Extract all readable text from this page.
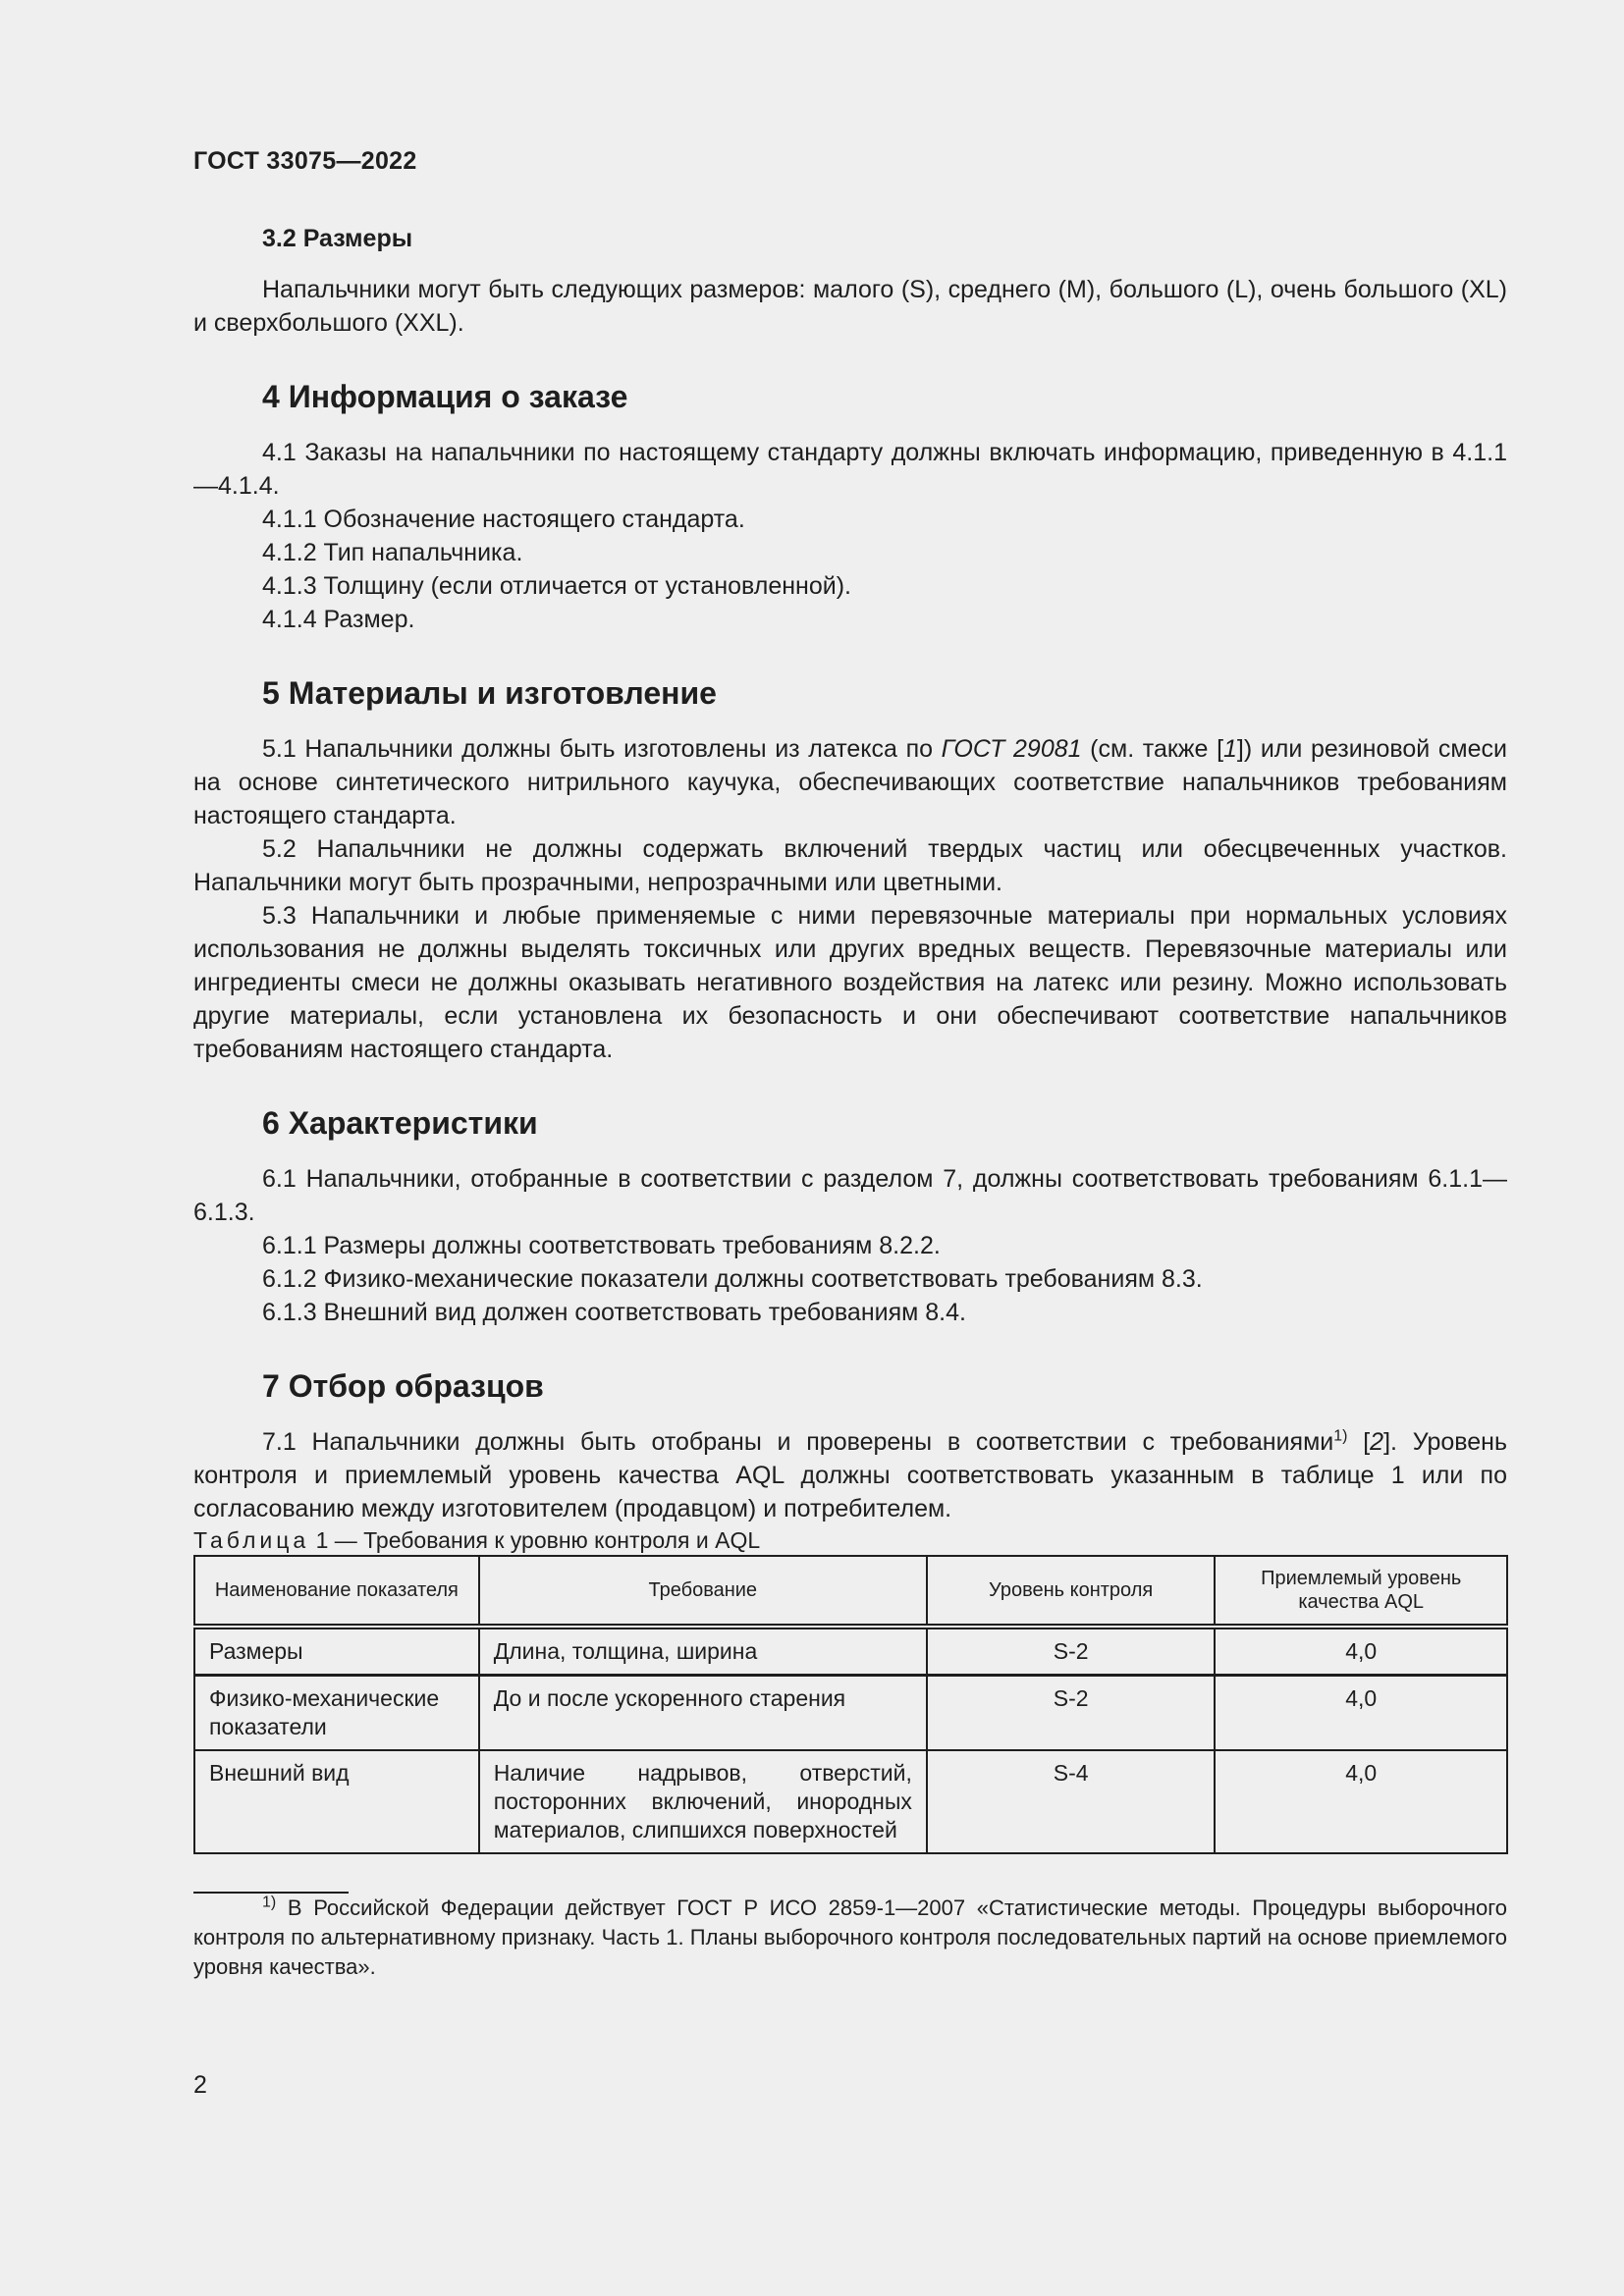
ГОСТ 33075—2022
3.2 Размеры

Напальчники могут быть следующих размеров: малого (S), среднего (M), большого (L), очень большого (XL) и сверхбольшого (XXL).

4 Информация о заказе

4.1 Заказы на напальчники по настоящему стандарту должны включать информацию, приведенную в 4.1.1—4.1.4.

4.1.1 Обозначение настоящего стандарта.

4.1.2 Тип напальчника.

4.1.3 Толщину (если отличается от установленной).

4.1.4 Размер.

5 Материалы и изготовление

5.1 Напальчники должны быть изготовлены из латекса по ГОСТ 29081 (см. также [1]) или резиновой смеси на основе синтетического нитрильного каучука, обеспечивающих соответствие напальчников требованиям настоящего стандарта.

5.2 Напальчники не должны содержать включений твердых частиц или обесцвеченных участков. Напальчники могут быть прозрачными, непрозрачными или цветными.

5.3 Напальчники и любые применяемые с ними перевязочные материалы при нормальных условиях использования не должны выделять токсичных или других вредных веществ. Перевязочные материалы или ингредиенты смеси не должны оказывать негативного воздействия на латекс или резину. Можно использовать другие материалы, если установлена их безопасность и они обеспечивают соответствие напальчников требованиям настоящего стандарта.

6 Характеристики

6.1 Напальчники, отобранные в соответствии с разделом 7, должны соответствовать требованиям 6.1.1—6.1.3.

6.1.1 Размеры должны соответствовать требованиям 8.2.2.

6.1.2 Физико-механические показатели должны соответствовать требованиям 8.3.

6.1.3 Внешний вид должен соответствовать требованиям 8.4.

7 Отбор образцов

7.1 Напальчники должны быть отобраны и проверены в соответствии с требованиями$^{1)}$ [2]. Уровень контроля и приемлемый уровень качества AQL должны соответствовать указанным в таблице 1 или по согласованию между изготовителем (продавцом) и потребителем.

Таблица 1 — Требования к уровню контроля и AQL

Наименование показателя	Требование	Уровень контроля	Приемлемый уровень качества AQL
Размеры	Длина, толщина, ширина	S-2	4,0
Физико-механические показатели	До и после ускоренного старения	S-2	4,0
Внешний вид	Наличие надрывов, отверстий, посторонних включений, инородных материалов, слипшихся поверхностей	S-4	4,0

$^{1)}$ В Российской Федерации действует ГОСТ Р ИСО 2859-1—2007 «Статистические методы. Процедуры выборочного контроля по альтернативному признаку. Часть 1. Планы выборочного контроля последовательных партий на основе приемлемого уровня качества».

2
